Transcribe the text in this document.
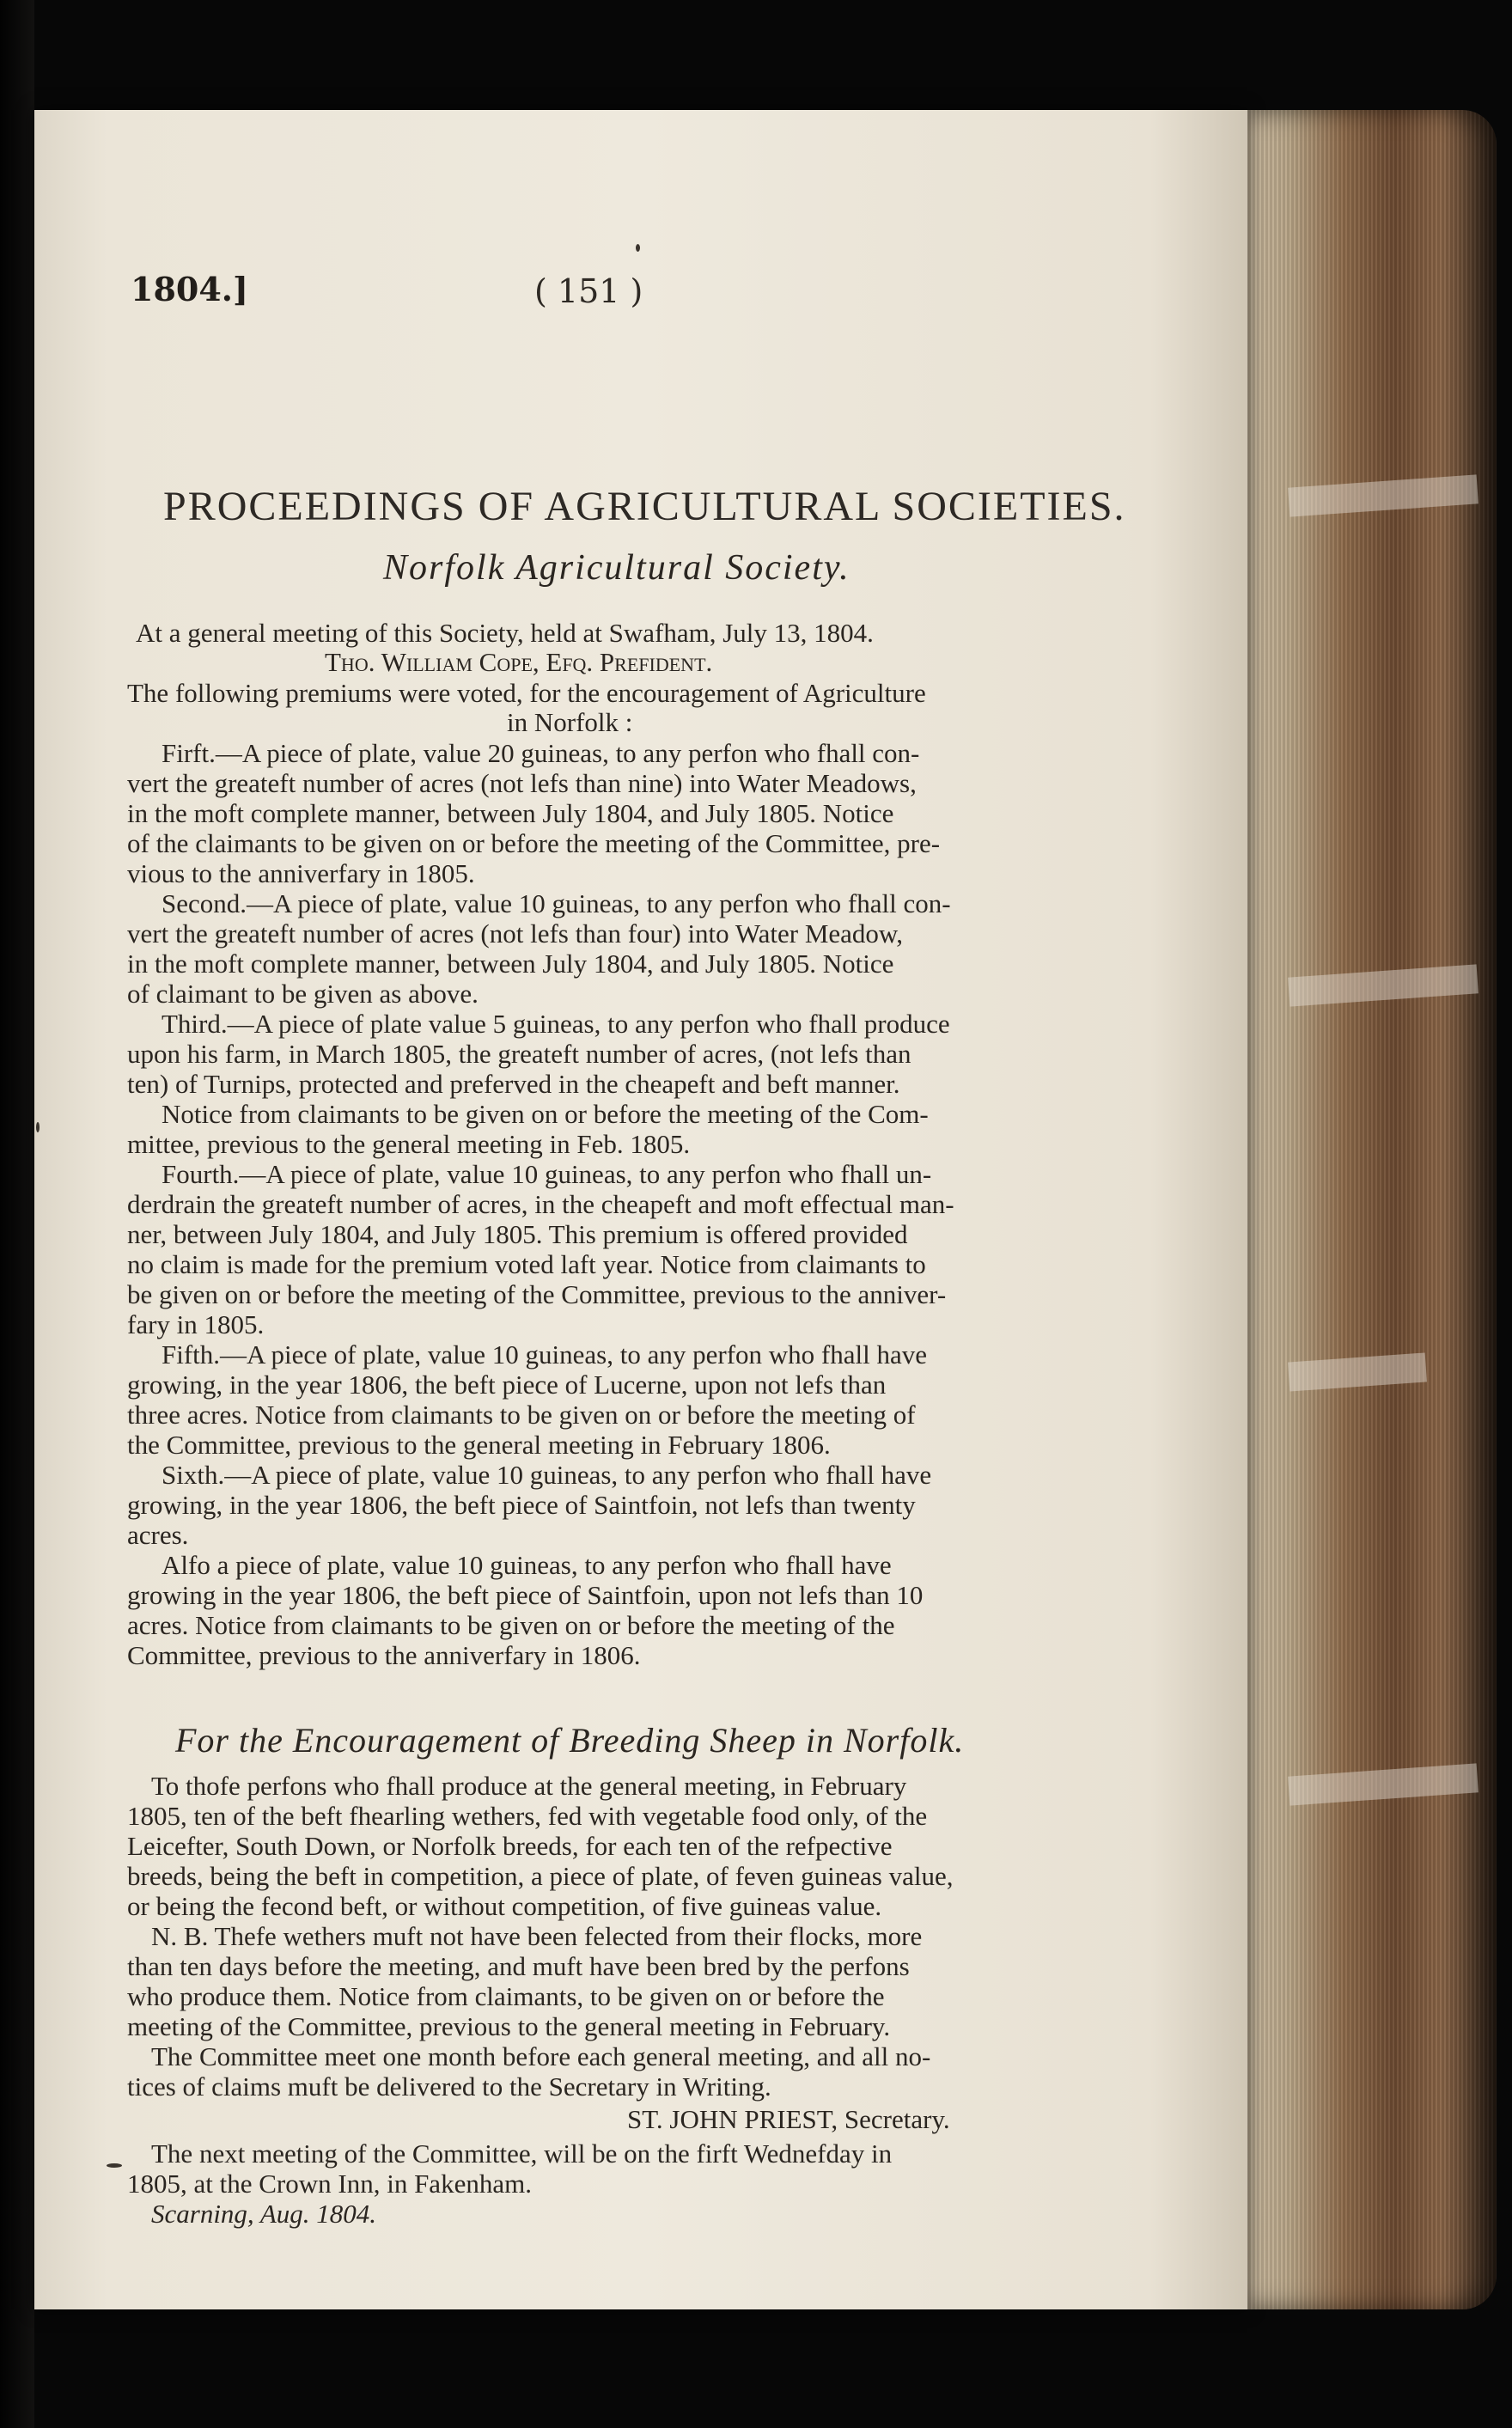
1804.]	( 151 )
PROCEEDINGS OF AGRICULTURAL SOCIETIES.
Norfolk Agricultural Society.
At a general meeting of this Society, held at Swafham, July 13, 1804.
Tho. William Cope, Efq. Prefident.
The following premiums were voted, for the encouragement of Agriculture
in Norfolk :
Firft.—A piece of plate, value 20 guineas, to any perfon who fhall con-
vert the greateft number of acres (not lefs than nine) into Water Meadows,
in the moft complete manner, between July 1804, and July 1805. Notice
of the claimants to be given on or before the meeting of the Committee, pre-
vious to the anniverfary in 1805.
Second.—A piece of plate, value 10 guineas, to any perfon who fhall con-
vert the greateft number of acres (not lefs than four) into Water Meadow,
in the moft complete manner, between July 1804, and July 1805. Notice
of claimant to be given as above.
Third.—A piece of plate value 5 guineas, to any perfon who fhall produce
upon his farm, in March 1805, the greateft number of acres, (not lefs than
ten) of Turnips, protected and preferved in the cheapeft and beft manner.
Notice from claimants to be given on or before the meeting of the Com-
mittee, previous to the general meeting in Feb. 1805.
Fourth.—A piece of plate, value 10 guineas, to any perfon who fhall un-
derdrain the greateft number of acres, in the cheapeft and moft effectual man-
ner, between July 1804, and July 1805. This premium is offered provided
no claim is made for the premium voted laft year. Notice from claimants to
be given on or before the meeting of the Committee, previous to the anniver-
fary in 1805.
Fifth.—A piece of plate, value 10 guineas, to any perfon who fhall have
growing, in the year 1806, the beft piece of Lucerne, upon not lefs than
three acres. Notice from claimants to be given on or before the meeting of
the Committee, previous to the general meeting in February 1806.
Sixth.—A piece of plate, value 10 guineas, to any perfon who fhall have
growing, in the year 1806, the beft piece of Saintfoin, not lefs than twenty
acres.
Alfo a piece of plate, value 10 guineas, to any perfon who fhall have
growing in the year 1806, the beft piece of Saintfoin, upon not lefs than 10
acres. Notice from claimants to be given on or before the meeting of the
Committee, previous to the anniverfary in 1806.
For the Encouragement of Breeding Sheep in Norfolk.
To thofe perfons who fhall produce at the general meeting, in February
1805, ten of the beft fhearling wethers, fed with vegetable food only, of the
Leicefter, South Down, or Norfolk breeds, for each ten of the refpective
breeds, being the beft in competition, a piece of plate, of feven guineas value,
or being the fecond beft, or without competition, of five guineas value.
N. B. Thefe wethers muft not have been felected from their flocks, more
than ten days before the meeting, and muft have been bred by the perfons
who produce them. Notice from claimants, to be given on or before the
meeting of the Committee, previous to the general meeting in February.
The Committee meet one month before each general meeting, and all no-
tices of claims muft be delivered to the Secretary in Writing.
ST. JOHN PRIEST, Secretary.
The next meeting of the Committee, will be on the firft Wednefday in
1805, at the Crown Inn, in Fakenham.
Scarning, Aug. 1804.
